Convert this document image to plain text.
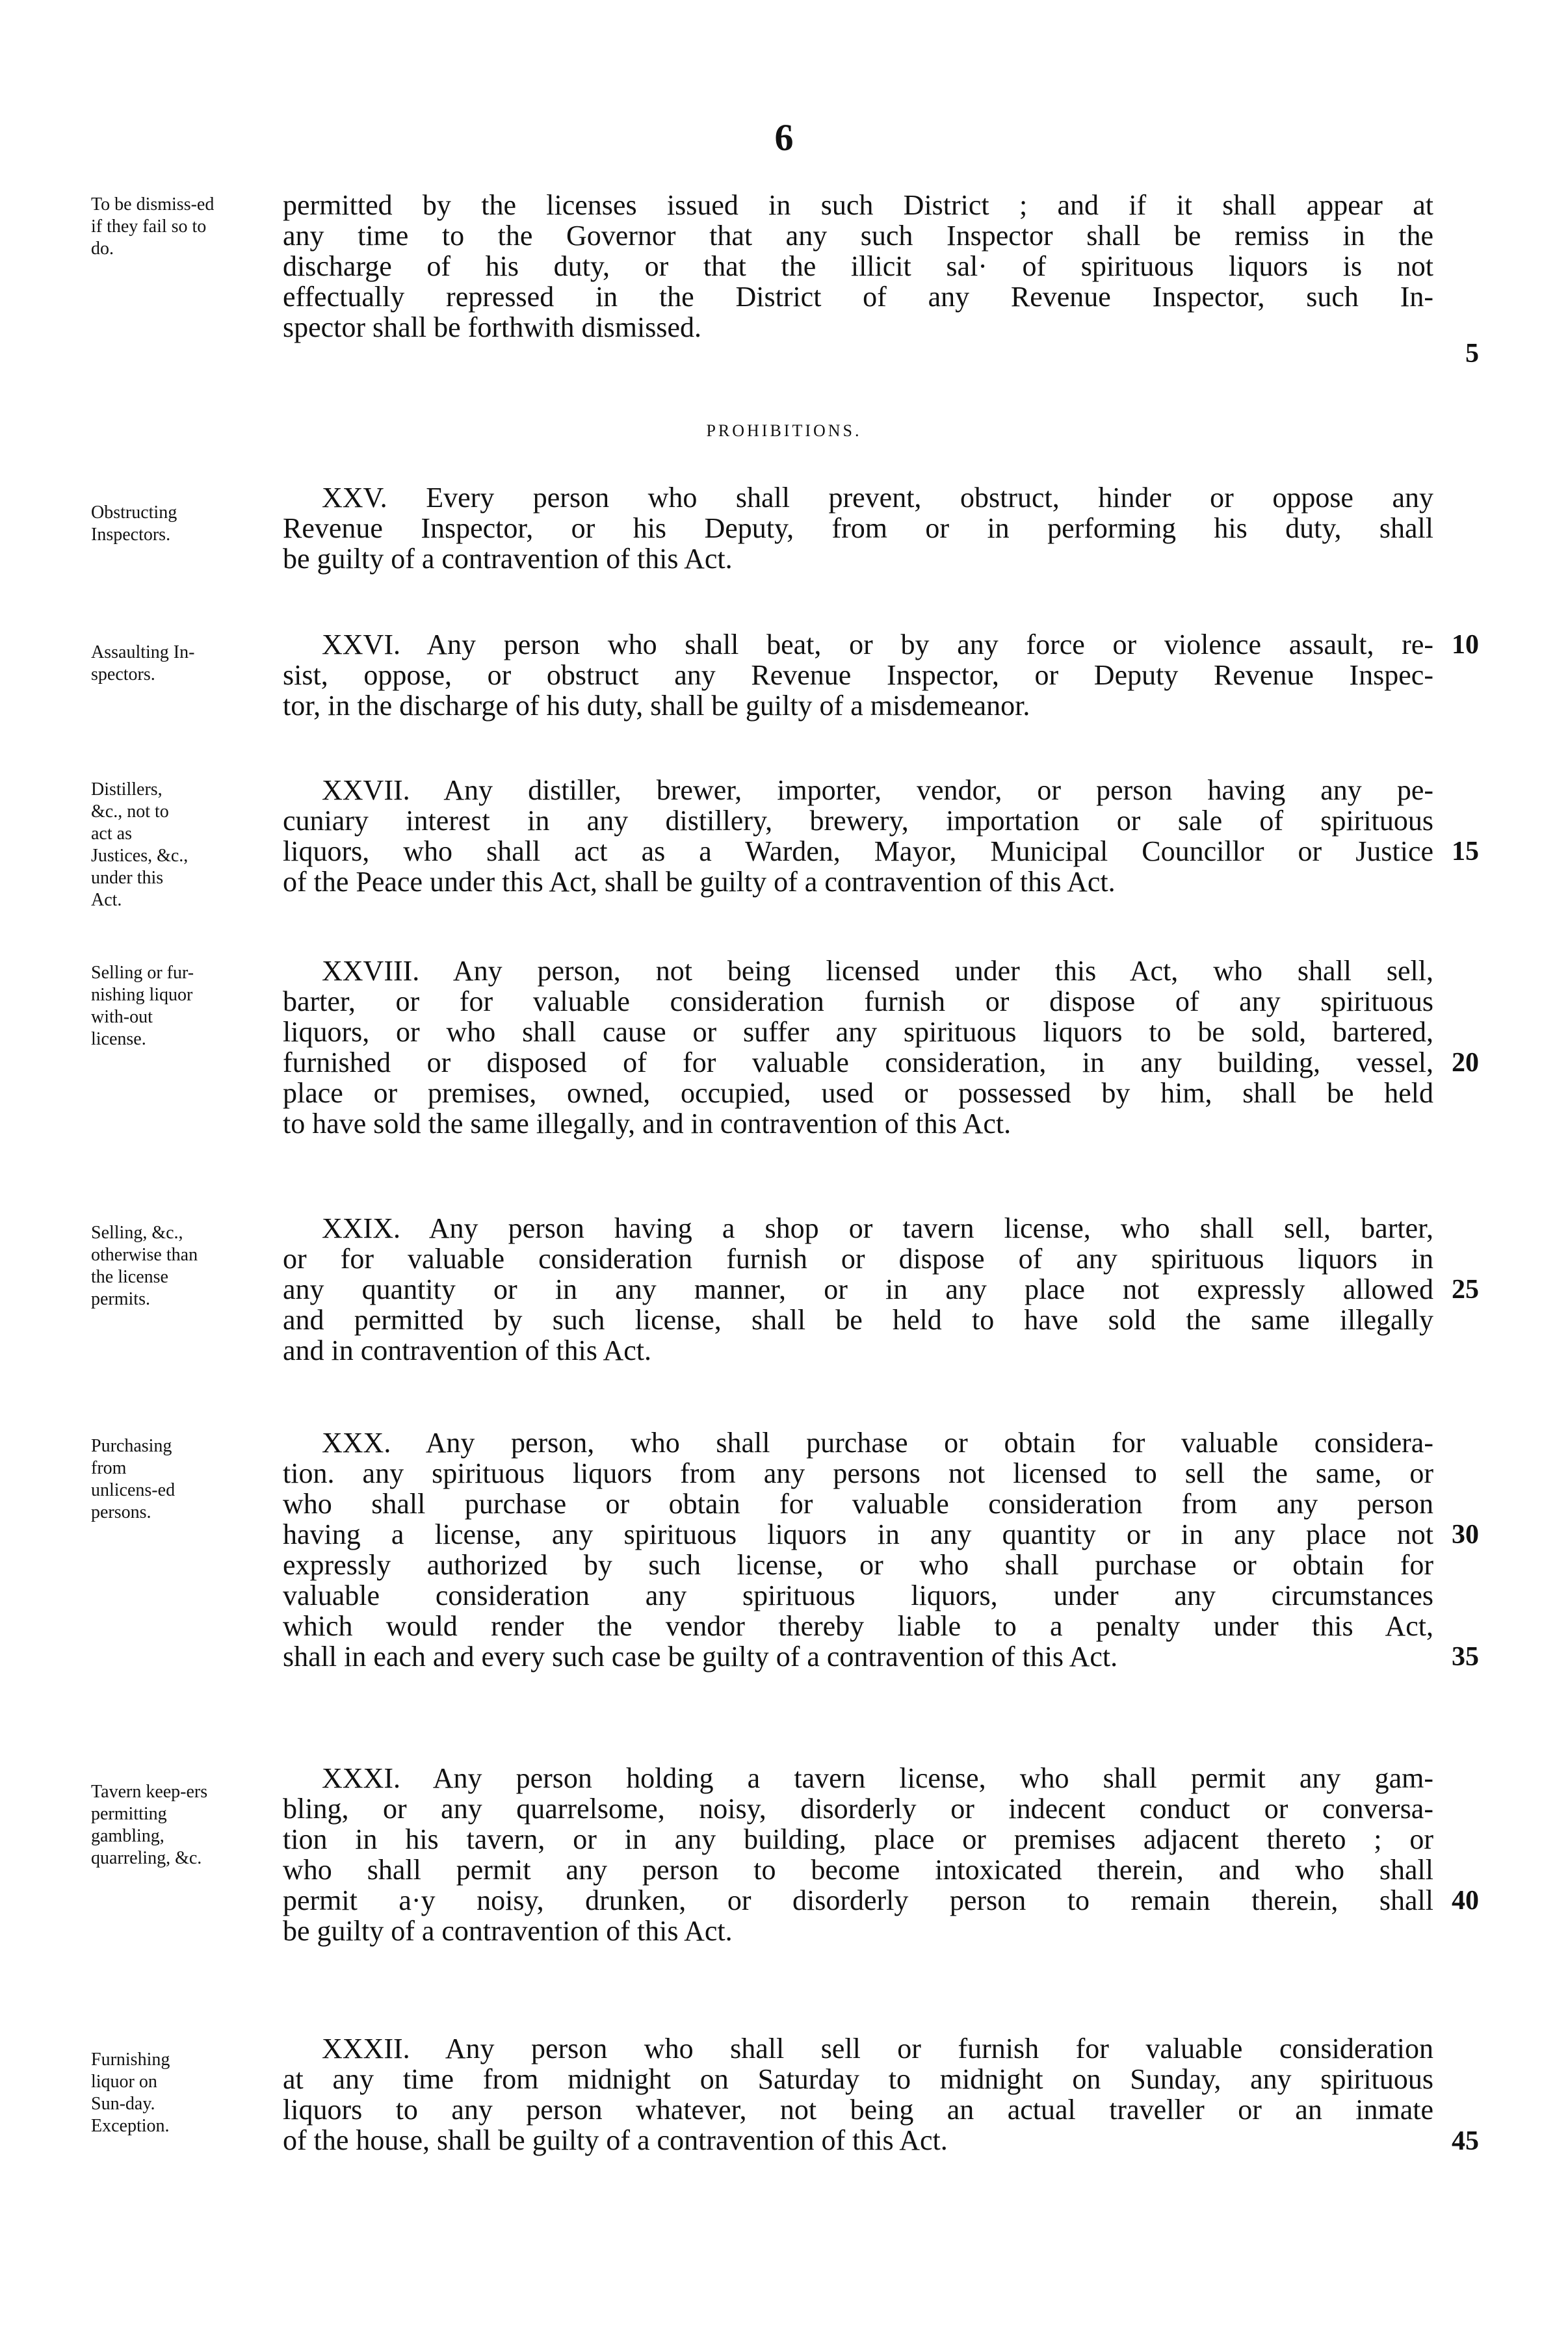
6
To be dismiss-ed if they fail so to do.
permitted by the licenses issued in such District ; and if it shall appear at
any time to the Governor that any such Inspector shall be remiss in the
discharge of his duty, or that the illicit sal· of spirituous liquors is not
effectually repressed in the District of any Revenue Inspector, such In-
spector shall be forthwith dismissed.
PROHIBITIONS.
Obstructing Inspectors.
XXV. Every person who shall prevent, obstruct, hinder or oppose any
Revenue Inspector, or his Deputy, from or in performing his duty, shall
be guilty of a contravention of this Act.
Assaulting In-spectors.
XXVI. Any person who shall beat, or by any force or violence assault, re-
sist, oppose, or obstruct any Revenue Inspector, or Deputy Revenue Inspec-
tor, in the discharge of his duty, shall be guilty of a misdemeanor.
Distillers, &c., not to act as Justices, &c., under this Act.
XXVII. Any distiller, brewer, importer, vendor, or person having any pe-
cuniary interest in any distillery, brewery, importation or sale of spirituous
liquors, who shall act as a Warden, Mayor, Municipal Councillor or Justice
of the Peace under this Act, shall be guilty of a contravention of this Act.
Selling or fur-nishing liquor with-out license.
XXVIII. Any person, not being licensed under this Act, who shall sell,
barter, or for valuable consideration furnish or dispose of any spirituous
liquors, or who shall cause or suffer any spirituous liquors to be sold, bartered,
furnished or disposed of for valuable consideration, in any building, vessel,
place or premises, owned, occupied, used or possessed by him, shall be held
to have sold the same illegally, and in contravention of this Act.
Selling, &c., otherwise than the license permits.
XXIX. Any person having a shop or tavern license, who shall sell, barter,
or for valuable consideration furnish or dispose of any spirituous liquors in
any quantity or in any manner, or in any place not expressly allowed
and permitted by such license, shall be held to have sold the same illegally
and in contravention of this Act.
Purchasing from unlicens-ed persons.
XXX. Any person, who shall purchase or obtain for valuable considera-
tion. any spirituous liquors from any persons not licensed to sell the same, or
who shall purchase or obtain for valuable consideration from any person
having a license, any spirituous liquors in any quantity or in any place not
expressly authorized by such license, or who shall purchase or obtain for
valuable consideration any spirituous liquors, under any circumstances
which would render the vendor thereby liable to a penalty under this Act,
shall in each and every such case be guilty of a contravention of this Act.
Tavern keep-ers permitting gambling, quarreling, &c.
XXXI. Any person holding a tavern license, who shall permit any gam-
bling, or any quarrelsome, noisy, disorderly or indecent conduct or conversa-
tion in his tavern, or in any building, place or premises adjacent thereto ; or
who shall permit any person to become intoxicated therein, and who shall
permit a·y noisy, drunken, or disorderly person to remain therein, shall
be guilty of a contravention of this Act.
Furnishing liquor on Sun-day. Exception.
XXXII. Any person who shall sell or furnish for valuable consideration
at any time from midnight on Saturday to midnight on Sunday, any spirituous
liquors to any person whatever, not being an actual traveller or an inmate
of the house, shall be guilty of a contravention of this Act.
5
10
15
20
25
30
35
40
45
